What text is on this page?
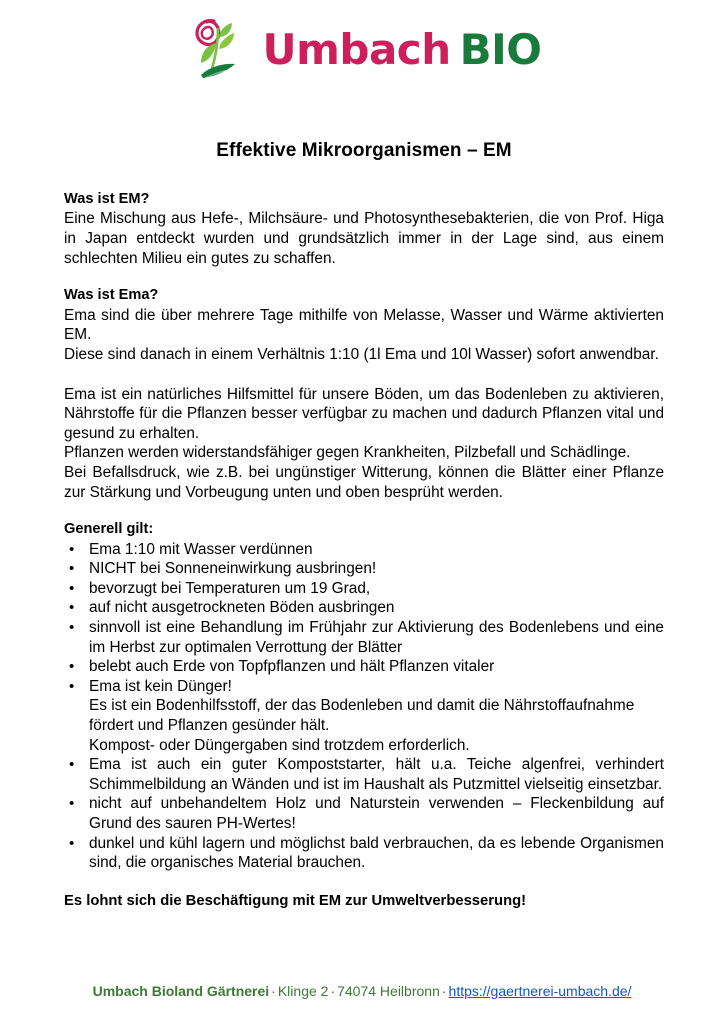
Umbach BIO
Effektive Mikroorganismen – EM
Was ist EM?

Eine Mischung aus Hefe-, Milchsäure- und Photosynthesebakterien, die von Prof. Higa in Japan entdeckt wurden und grundsätzlich immer in der Lage sind, aus einem schlechten Milieu ein gutes zu schaffen.

Was ist Ema?

Ema sind die über mehrere Tage mithilfe von Melasse, Wasser und Wärme aktivierten EM.

Diese sind danach in einem Verhältnis 1:10 (1l Ema und 10l Wasser) sofort anwendbar.

Ema ist ein natürliches Hilfsmittel für unsere Böden, um das Bodenleben zu aktivieren, Nährstoffe für die Pflanzen besser verfügbar zu machen und dadurch Pflanzen vital und gesund zu erhalten.

Pflanzen werden widerstandsfähiger gegen Krankheiten, Pilzbefall und Schädlinge.

Bei Befallsdruck, wie z.B. bei ungünstiger Witterung, können die Blätter einer Pflanze zur Stärkung und Vorbeugung unten und oben besprüht werden.

Generell gilt:
• Ema 1:10 mit Wasser verdünnen
• NICHT bei Sonneneinwirkung ausbringen!
• bevorzugt bei Temperaturen um 19 Grad,
• auf nicht ausgetrockneten Böden ausbringen
• sinnvoll ist eine Behandlung im Frühjahr zur Aktivierung des Bodenlebens und eine im Herbst zur optimalen Verrottung der Blätter
• belebt auch Erde von Topfpflanzen und hält Pflanzen vitaler
• Ema ist kein Dünger!
Es ist ein Bodenhilfsstoff, der das Bodenleben und damit die Nährstoffaufnahme fördert und Pflanzen gesünder hält.
Kompost- oder Düngergaben sind trotzdem erforderlich.
• Ema ist auch ein guter Kompoststarter, hält u.a. Teiche algenfrei, verhindert Schimmelbildung an Wänden und ist im Haushalt als Putzmittel vielseitig einsetzbar.
• nicht auf unbehandeltem Holz und Naturstein verwenden – Fleckenbildung auf Grund des sauren PH-Wertes!
• dunkel und kühl lagern und möglichst bald verbrauchen, da es lebende Organismen sind, die organisches Material brauchen.

Es lohnt sich die Beschäftigung mit EM zur Umweltverbesserung!

Umbach Bioland Gärtnerei · Klinge 2 · 74074 Heilbronn · https://gaertnerei-umbach.de/
